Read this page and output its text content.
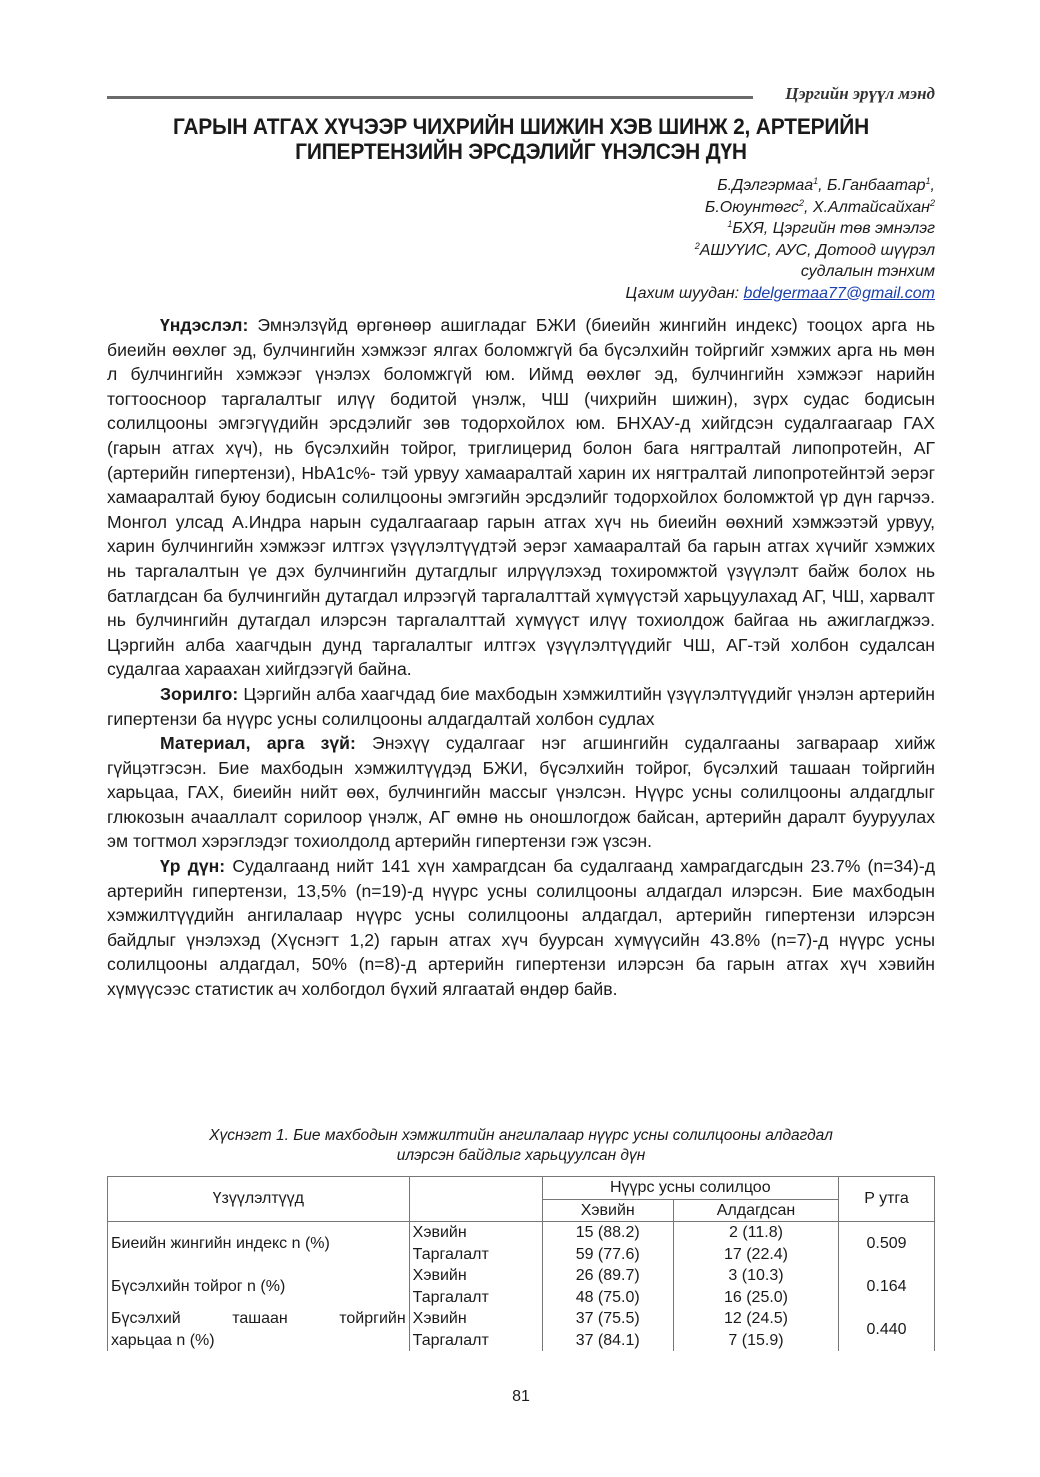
Цэргийн эрүүл мэнд
ГАРЫН АТГАХ ХҮЧЭЭР ЧИХРИЙН ШИЖИН ХЭВ ШИНЖ 2, АРТЕРИЙН
ГИПЕРТЕНЗИЙН ЭРСДЭЛИЙГ ҮНЭЛСЭН ДҮН
Б.Дэлгэрмаа$^1$, Б.Ганбаатар$^1$,
Б.Оюунтөгс$^2$, Х.Алтайсайхан$^2$
$^1$БХЯ, Цэргийн төв эмнэлэг
$^2$АШУҮИС, АУС, Дотоод шүүрэл
судлалын тэнхим
Цахим шуудан: bdelgermaa77@gmail.com

Үндэслэл: Эмнэлзүйд өргөнөөр ашигладаг БЖИ (биеийн жингийн индекс) тооцох арга нь биеийн өөхлөг эд, булчингийн хэмжээг ялгах боломжгүй ба бүсэлхийн тойргийг хэмжих арга нь мөн л булчингийн хэмжээг үнэлэх боломжгүй юм. Иймд өөхлөг эд, булчингийн хэмжээг нарийн тогтоосноор таргалалтыг илүү бодитой үнэлж, ЧШ (чихрийн шижин), зүрх судас бодисын солилцооны эмгэгүүдийн эрсдэлийг зөв тодорхойлох юм. БНХАУ-д хийгдсэн судалгаагаар ГАХ (гарын атгах хүч), нь бүсэлхийн тойрог, триглицерид болон бага нягтралтай липопротейн, АГ (артерийн гипертензи), HbA1c%- тэй урвуу хамааралтай харин их нягтралтай липопротейнтэй эерэг хамааралтай буюу бодисын солилцооны эмгэгийн эрсдэлийг тодорхойлох боломжтой үр дүн гарчээ. Монгол улсад А.Индра нарын судалгаагаар гарын атгах хүч нь биеийн өөхний хэмжээтэй урвуу, харин булчингийн хэмжээг илтгэх үзүүлэлтүүдтэй эерэг хамааралтай ба гарын атгах хүчийг хэмжих нь таргалалтын үе дэх булчингийн дутагдлыг илрүүлэхэд тохиромжтой үзүүлэлт байж болох нь батлагдсан ба булчингийн дутагдал илрээгүй таргалалттай хүмүүстэй харьцуулахад АГ, ЧШ, харвалт нь булчингийн дутагдал илэрсэн таргалалттай хүмүүст илүү тохиолдож байгаа нь ажиглагджээ. Цэргийн алба хаагчдын дунд таргалалтыг илтгэх үзүүлэлтүүдийг ЧШ, АГ-тэй холбон судалсан судалгаа хараахан хийгдээгүй байна.

Зорилго: Цэргийн алба хаагчдад бие махбодын хэмжилтийн үзүүлэлтүүдийг үнэлэн артерийн гипертензи ба нүүрс усны солилцооны алдагдалтай холбон судлах

Материал, арга зүй: Энэхүү судалгааг нэг агшингийн судалгааны загвараар хийж гүйцэтгэсэн. Бие махбодын хэмжилтүүдэд БЖИ, бүсэлхийн тойрог, бүсэлхий ташаан тойргийн харьцаа, ГАХ, биеийн нийт өөх, булчингийн массыг үнэлсэн. Нүүрс усны солилцооны алдагдлыг глюкозын ачааллалт сорилоор үнэлж, АГ өмнө нь оношлогдож байсан, артерийн даралт бууруулах эм тогтмол хэрэглэдэг тохиолдолд артерийн гипертензи гэж үзсэн.

Үр дүн: Судалгаанд нийт 141 хүн хамрагдсан ба судалгаанд хамрагдагсдын 23.7% (n=34)-д артерийн гипертензи, 13,5% (n=19)-д нүүрс усны солилцооны алдагдал илэрсэн. Бие махбодын хэмжилтүүдийн ангилалаар нүүрс усны солилцооны алдагдал, артерийн гипертензи илэрсэн байдлыг үнэлэхэд (Хүснэгт 1,2) гарын атгах хүч буурсан хүмүүсийн 43.8% (n=7)-д нүүрс усны солилцооны алдагдал, 50% (n=8)-д артерийн гипертензи илэрсэн ба гарын атгах хүч хэвийн хүмүүсээс статистик ач холбогдол бүхий ялгаатай өндөр байв.

Хүснэгт 1. Бие махбодын хэмжилтийн ангилалаар нүүрс усны солилцооны алдагдал
илэрсэн байдлыг харьцуулсан дүн
Үзүүлэлтүүд		Нүүрс усны солилцоо		P утга
		Хэвийн	Алдагдсан	
Биеийн жингийн индекс n (%)	Хэвийн	15 (88.2)	2 (11.8)	0.509
	Таргалалт	59 (77.6)	17 (22.4)	
Бүсэлхийн тойрог n (%)	Хэвийн	26 (89.7)	3 (10.3)	0.164
	Таргалалт	48 (75.0)	16 (25.0)	

Бүсэлхий ташаан тойргийн
харьцаа n (%)	Хэвийн	37 (75.5)	12 (24.5)	0.440
	Таргалалт	37 (84.1)	7 (15.9)	
81
